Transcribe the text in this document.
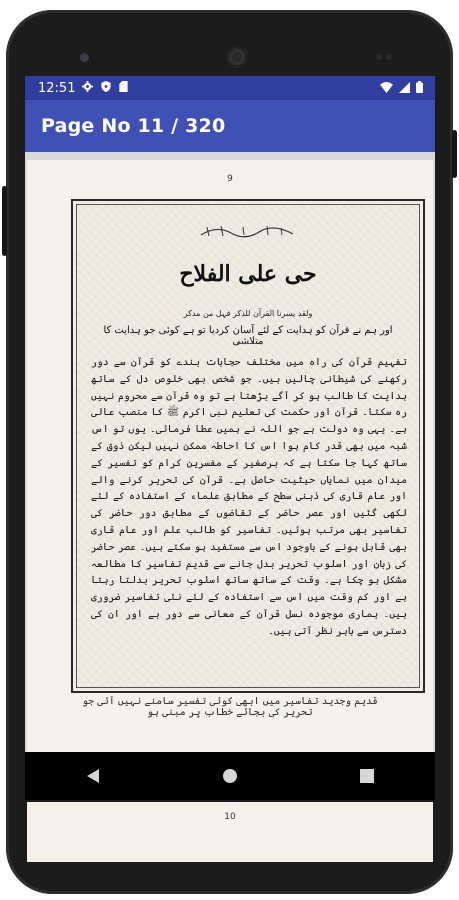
12:51
Page No 11 / 320
9
حی علی الفلاح
ولقد یسرنا القرآن للذکر فہل من مدکر
اور ہم نے قرآن کو ہدایت کے لئے آسان کردیا تو ہے کوئی جو ہدایت کا متلاشی
تفہیم قرآن کی راہ میں مختلف حجابات بندے کو قرآن سے دور رکھنے کی شیطانی چالیں ہیں۔ جو شخص بھی خلوص دل کے ساتھ ہدایت کا طالب ہو کر آگے بڑھتا ہے تو وہ قرآن سے محروم نہیں رہ سکتا۔ قرآن اور حکمت کی تعلیم نبی اکرم ﷺ کا منصب عالی ہے۔ یہی وہ دولت ہے جو اللہ نے ہمیں عطا فرمائی۔ یوں تو اس شبہ میں بھی قدر کام ہوا اس کا احاطہ ممکن نہیں لیکن ذوق کے ساتھ کہا جا سکتا ہے کہ برصغیر کے مفسرین کرام کو تفسیر کے میدان میں نمایاں حیثیت حاصل ہے۔ قرآن کی تحریر کرنے والے اور عام قاری کی ذہنی سطح کے مطابق علماء کے استفادہ کے لئے لکھی گئیں اور عصر حاضر کے تقاضوں کے مطابق دور حاضر کی تفاسیر بھی مرتب ہوئیں۔ تفاسیر کو طالب علم اور عام قاری بھی قابل ہونے کے باوجود اس سے مستفید ہو سکتے ہیں۔ عصر حاضر کی زبان اور اسلوب تحریر بدل جانے سے قدیم تفاسیر کا مطالعہ مشکل ہو چکا ہے۔ وقت کے ساتھ ساتھ اسلوب تحریر بدلتا رہتا ہے اور کم وقت میں اس سے استفادہ کے لئے نئی تفاسیر ضروری ہیں۔ ہماری موجودہ نسل قرآن کے معانی سے دور ہے اور ان کی دسترس سے باہر نظر آتی ہیں۔
قدیم وجدید تفاسیر میں ابھی کوئی تفسیر سامنے نہیں آئی جو تحریر کی بجائے خطاب پر مبنی ہو
10
